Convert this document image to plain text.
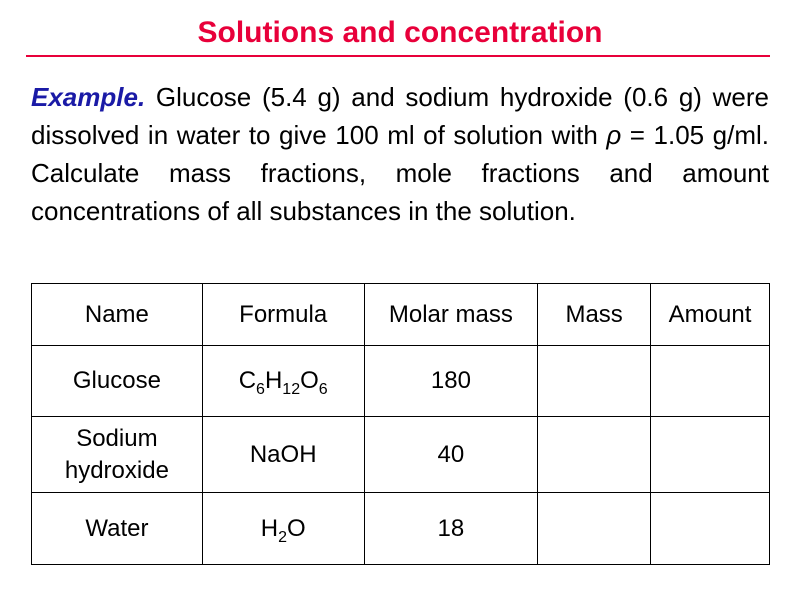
Solutions and concentration
Example. Glucose (5.4 g) and sodium hydroxide (0.6 g) were dissolved in water to give 100 ml of solution with ρ = 1.05 g/ml. Calculate mass fractions, mole fractions and amount concentrations of all substances in the solution.
Name	Formula	Molar mass	Mass	Amount
Glucose	$C_6H_{12}O_6$	180		
Sodium
hydroxide	NaOH	40		
Water	$H_2O$	18		
